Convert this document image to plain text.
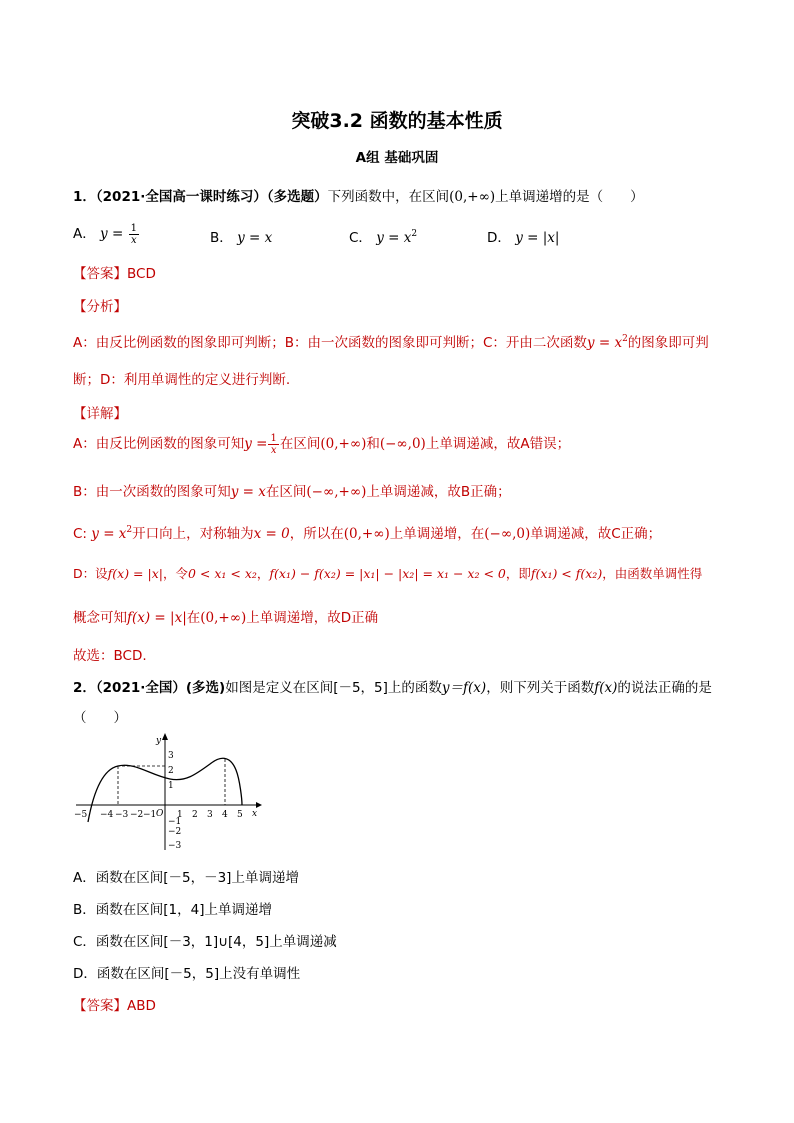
突破3.2 函数的基本性质
A组 基础巩固
1．（2021·全国高一课时练习）（多选题）下列函数中，在区间(0,+∞)上单调递增的是（　　）
A． $y = \frac{1}{x}$	B． y = x	C． $y = x^2$	D． y = |x|
【答案】BCD
【分析】
A：由反比例函数的图象即可判断；B：由一次函数的图象即可判断；C：开由二次函数$y = x^2$的图象即可判
断；D：利用单调性的定义进行判断.
【详解】
A：由反比例函数的图象可知$y = \frac{1}{x}$ 在区间(0,+∞)和(−∞,0)上单调递减，故A错误；
B：由一次函数的图象可知y = x在区间(−∞,+∞)上单调递减，故B正确；
C: $y = x^2$开口向上，对称轴为x = 0，所以在(0,+∞)上单调递增，在(−∞,0)单调递减，故C正确；
D：设f(x) = |x|，令0 < x₁ < x₂，f(x₁) − f(x₂) = |x₁| − |x₂| = x₁ − x₂ < 0，即f(x₁) < f(x₂)，由函数单调性得
概念可知f(x) = |x|在(0,+∞)上单调递增，故D正确
故选：BCD.
2．（2021·全国）(多选)如图是定义在区间[－5，5]上的函数y＝f(x)，则下列关于函数f(x)的说法正确的是
（　　）
y
x
O
−5 −4 −3 −2 −1 1 2 3 4 5
3
2
1
−1
−2
−3
A．函数在区间[－5，－3]上单调递增
B．函数在区间[1，4]上单调递增
C．函数在区间[－3，1]∪[4，5]上单调递减
D．函数在区间[－5，5]上没有单调性
【答案】ABD
